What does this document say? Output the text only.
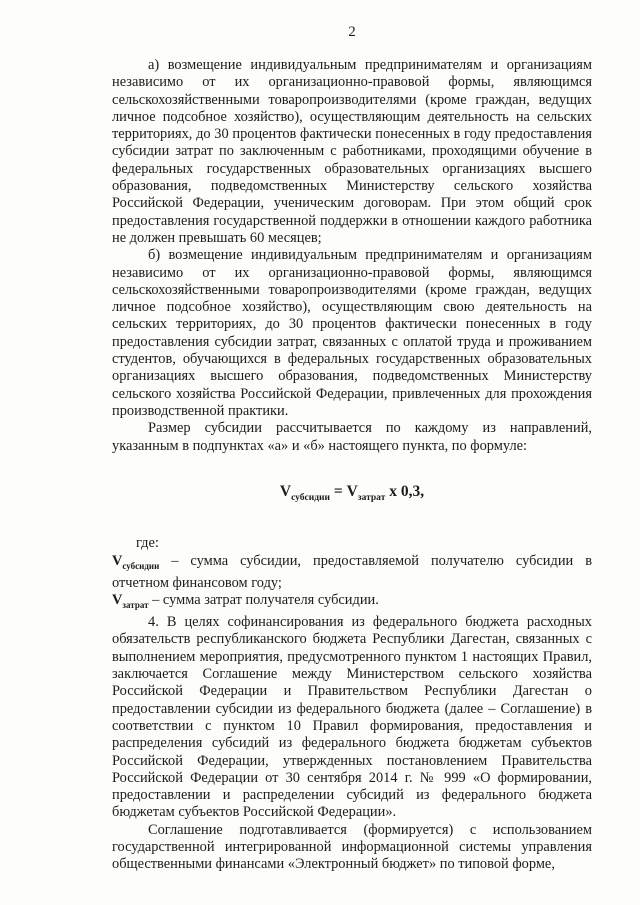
2

а) возмещение индивидуальным предпринимателям и организациям независимо от их организационно-правовой формы, являющимся сельскохозяйственными товаропроизводителями (кроме граждан, ведущих личное подсобное хозяйство), осуществляющим деятельность на сельских территориях, до 30 процентов фактически понесенных в году предоставления субсидии затрат по заключенным с работниками, проходящими обучение в федеральных государственных образовательных организациях высшего образования, подведомственных Министерству сельского хозяйства Российской Федерации, ученическим договорам. При этом общий срок предоставления государственной поддержки в отношении каждого работника не должен превышать 60 месяцев;

б) возмещение индивидуальным предпринимателям и организациям независимо от их организационно-правовой формы, являющимся сельскохозяйственными товаропроизводителями (кроме граждан, ведущих личное подсобное хозяйство), осуществляющим свою деятельность на сельских территориях, до 30 процентов фактически понесенных в году предоставления субсидии затрат, связанных с оплатой труда и проживанием студентов, обучающихся в федеральных государственных образовательных организациях высшего образования, подведомственных Министерству сельского хозяйства Российской Федерации, привлеченных для прохождения производственной практики.

Размер субсидии рассчитывается по каждому из направлений, указанным в подпунктах «а» и «б» настоящего пункта, по формуле:

$V_{субсидии} = V_{затрат}$ х 0,3,

где:

$V_{субсидии}$ – сумма субсидии, предоставляемой получателю субсидии в отчетном финансовом году;

$V_{затрат}$ – сумма затрат получателя субсидии.

4. В целях софинансирования из федерального бюджета расходных обязательств республиканского бюджета Республики Дагестан, связанных с выполнением мероприятия, предусмотренного пунктом 1 настоящих Правил, заключается Соглашение между Министерством сельского хозяйства Российской Федерации и Правительством Республики Дагестан о предоставлении субсидии из федерального бюджета (далее – Соглашение) в соответствии с пунктом 10 Правил формирования, предоставления и распределения субсидий из федерального бюджета бюджетам субъектов Российской Федерации, утвержденных постановлением Правительства Российской Федерации от 30 сентября 2014 г. № 999 «О формировании, предоставлении и распределении субсидий из федерального бюджета бюджетам субъектов Российской Федерации».

Соглашение подготавливается (формируется) с использованием государственной интегрированной информационной системы управления общественными финансами «Электронный бюджет» по типовой форме,
